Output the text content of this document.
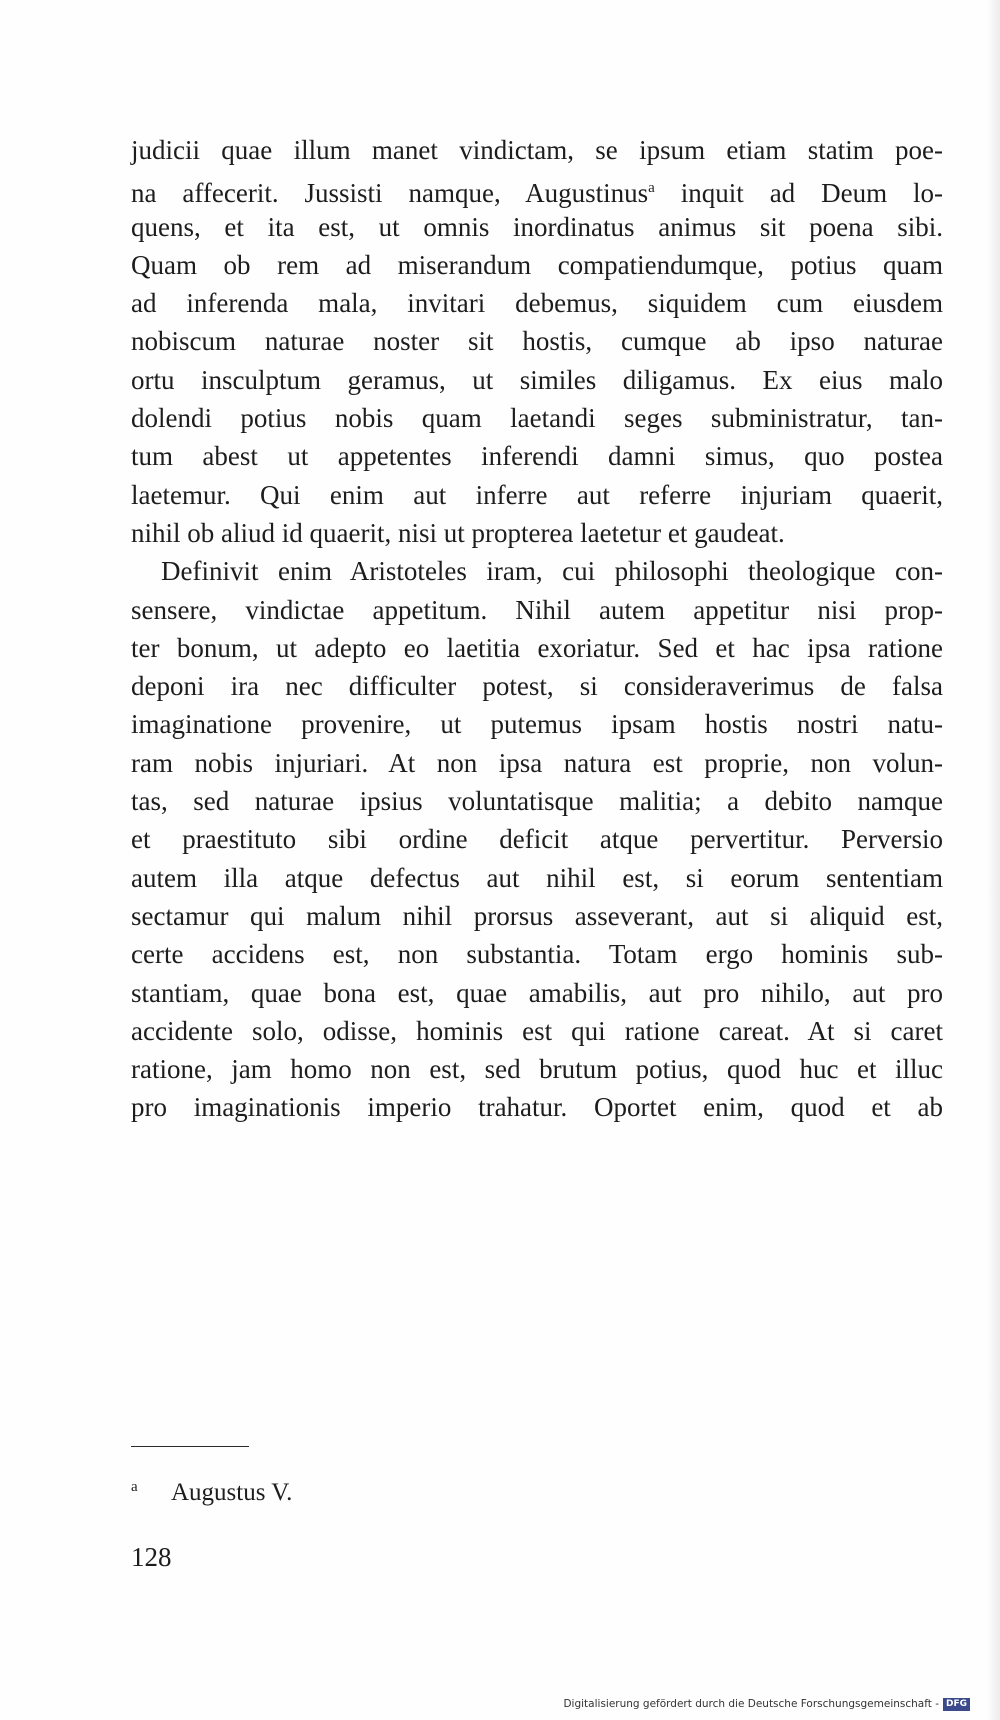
judicii quae illum manet vindictam, se ipsum etiam statim poe-
na affecerit. Jussisti namque, Augustinus$^a$ inquit ad Deum lo-
quens, et ita est, ut omnis inordinatus animus sit poena sibi.
Quam ob rem ad miserandum compatiendumque, potius quam
ad inferenda mala, invitari debemus, siquidem cum eiusdem
nobiscum naturae noster sit hostis, cumque ab ipso naturae
ortu insculptum geramus, ut similes diligamus. Ex eius malo
dolendi potius nobis quam laetandi seges subministratur, tan-
tum abest ut appetentes inferendi damni simus, quo postea
laetemur. Qui enim aut inferre aut referre injuriam quaerit,
nihil ob aliud id quaerit, nisi ut propterea laetetur et gaudeat.
Definivit enim Aristoteles iram, cui philosophi theologique con-
sensere, vindictae appetitum. Nihil autem appetitur nisi prop-
ter bonum, ut adepto eo laetitia exoriatur. Sed et hac ipsa ratione
deponi ira nec difficulter potest, si consideraverimus de falsa
imaginatione provenire, ut putemus ipsam hostis nostri natu-
ram nobis injuriari. At non ipsa natura est proprie, non volun-
tas, sed naturae ipsius voluntatisque malitia; a debito namque
et praestituto sibi ordine deficit atque pervertitur. Perversio
autem illa atque defectus aut nihil est, si eorum sententiam
sectamur qui malum nihil prorsus asseverant, aut si aliquid est,
certe accidens est, non substantia. Totam ergo hominis sub-
stantiam, quae bona est, quae amabilis, aut pro nihilo, aut pro
accidente solo, odisse, hominis est qui ratione careat. At si caret
ratione, jam homo non est, sed brutum potius, quod huc et illuc
pro imaginationis imperio trahatur. Oportet enim, quod et ab
a Augustus V.
128
Digitalisierung gefördert durch die Deutsche Forschungsgemeinschaft - DFG
